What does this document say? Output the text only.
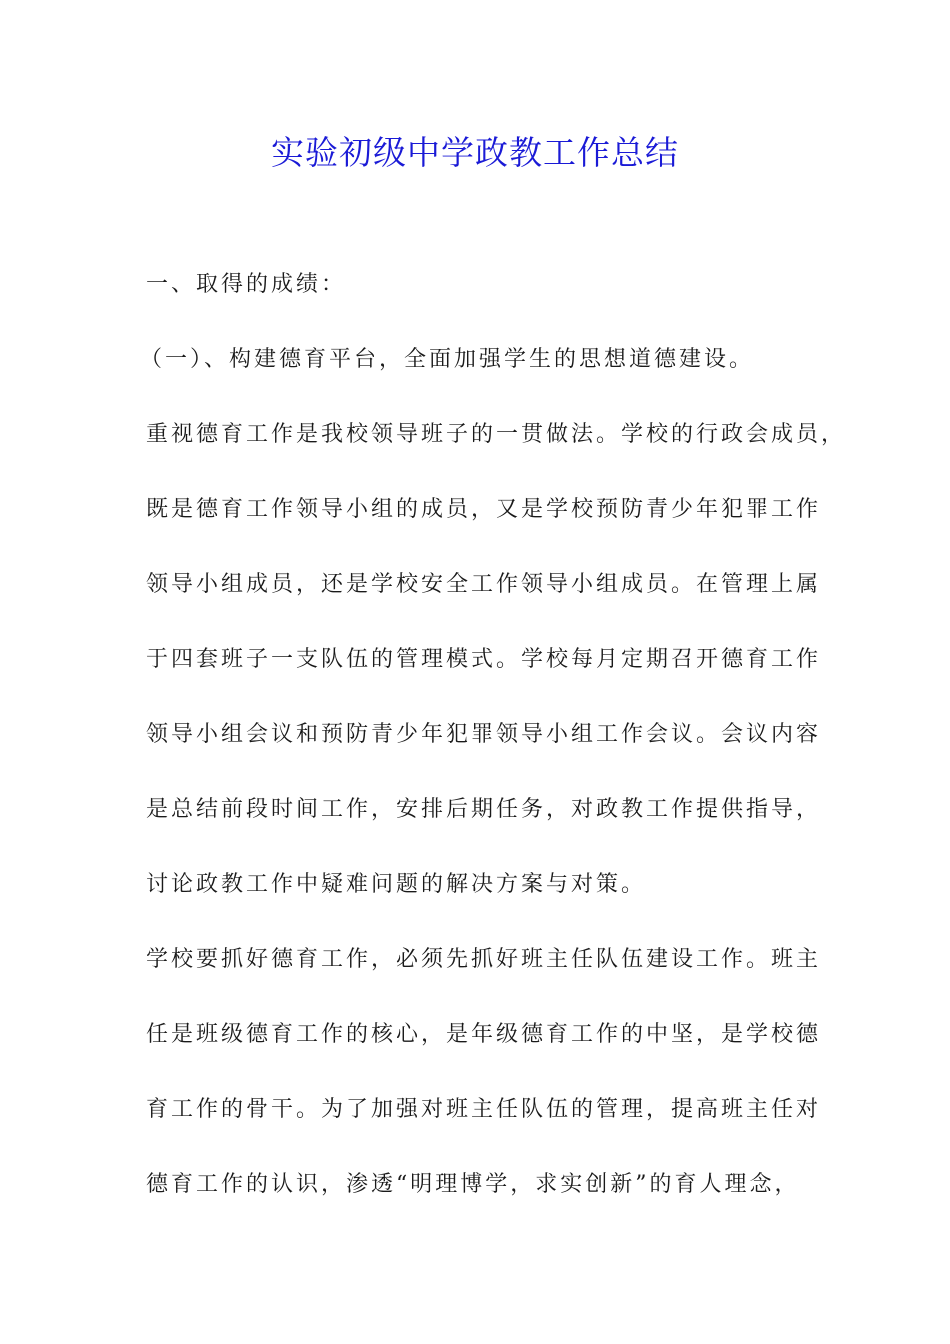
实验初级中学政教工作总结

一、取得的成绩：

（一）、构建德育平台，全面加强学生的思想道德建设。

重视德育工作是我校领导班子的一贯做法。学校的行政会成员，

既是德育工作领导小组的成员，又是学校预防青少年犯罪工作

领导小组成员，还是学校安全工作领导小组成员。在管理上属

于四套班子一支队伍的管理模式。学校每月定期召开德育工作

领导小组会议和预防青少年犯罪领导小组工作会议。会议内容

是总结前段时间工作，安排后期任务，对政教工作提供指导，

讨论政教工作中疑难问题的解决方案与对策。

学校要抓好德育工作，必须先抓好班主任队伍建设工作。班主

任是班级德育工作的核心，是年级德育工作的中坚，是学校德

育工作的骨干。为了加强对班主任队伍的管理，提高班主任对

德育工作的认识，渗透“明理博学，求实创新”的育人理念，
